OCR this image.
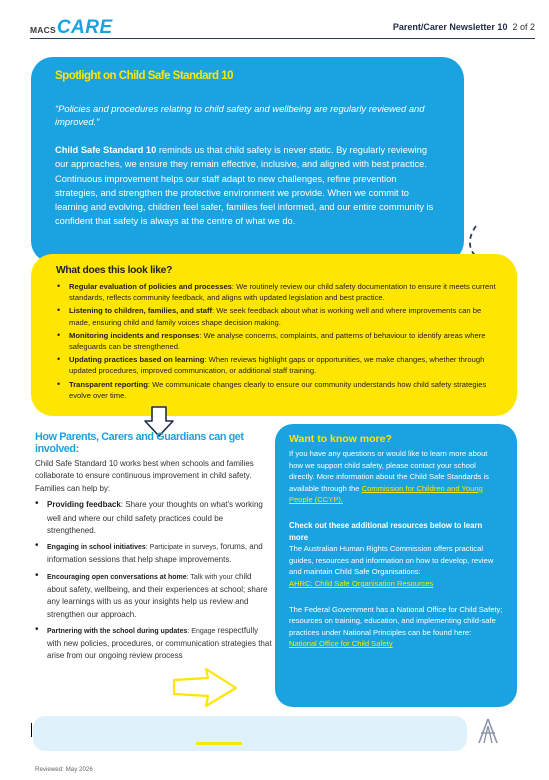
MACS CARE	Parent/Carer Newsletter 10 2 of 2
Spotlight on Child Safe Standard 10

“Policies and procedures relating to child safety and wellbeing are regularly reviewed and improved.”

Child Safe Standard 10 reminds us that child safety is never static. By regularly reviewing our approaches, we ensure they remain effective, inclusive, and aligned with best practice. Continuous improvement helps our staff adapt to new challenges, refine prevention strategies, and strengthen the protective environment we provide. When we commit to learning and evolving, children feel safer, families feel informed, and our entire community is confident that safety is always at the centre of what we do.

What does this look like?
• Regular evaluation of policies and processes: We routinely review our child safety documentation to ensure it meets current standards, reflects community feedback, and aligns with updated legislation and best practice.
• Listening to children, families, and staff: We seek feedback about what is working well and where improvements can be made, ensuring child and family voices shape decision making.
• Monitoring incidents and responses: We analyse concerns, complaints, and patterns of behaviour to identify areas where safeguards can be strengthened.
• Updating practices based on learning: When reviews highlight gaps or opportunities, we make changes, whether through updated procedures, improved communication, or additional staff training.
• Transparent reporting: We communicate changes clearly to ensure our community understands how child safety strategies evolve over time.
How Parents, Carers and Guardians can get involved:

Child Safe Standard 10 works best when schools and families collaborate to ensure continuous improvement in child safety. Families can help by:

• Providing feedback: Share your thoughts on what's working well and where our child safety practices could be strengthened.
• Engaging in school initiatives: Participate in surveys, forums, and information sessions that help shape improvements.
• Encouraging open conversations at home: Talk with your child about safety, wellbeing, and their experiences at school; share any learnings with us as your insights help us review and strengthen our approach.
• Partnering with the school during updates: Engage respectfully with new policies, procedures, or communication strategies that arise from our ongoing review process
Want to know more?

If you have any questions or would like to learn more about how we support child safety, please contact your school directly. More information about the Child Safe Standards is available through the Commission for Children and Young People (CCYP).

Check out these additional resources below to learn more

The Australian Human Rights Commission offers practical guides, resources and information on how to develop, review and maintain Child Safe Organisations:
AHRC: Child Safe Organisation Resources

The Federal Government has a National Office for Child Safety; resources on training, education, and implementing child-safe practices under National Principles can be found here:
National Office for Child Safety

Reviewed: May 2026
